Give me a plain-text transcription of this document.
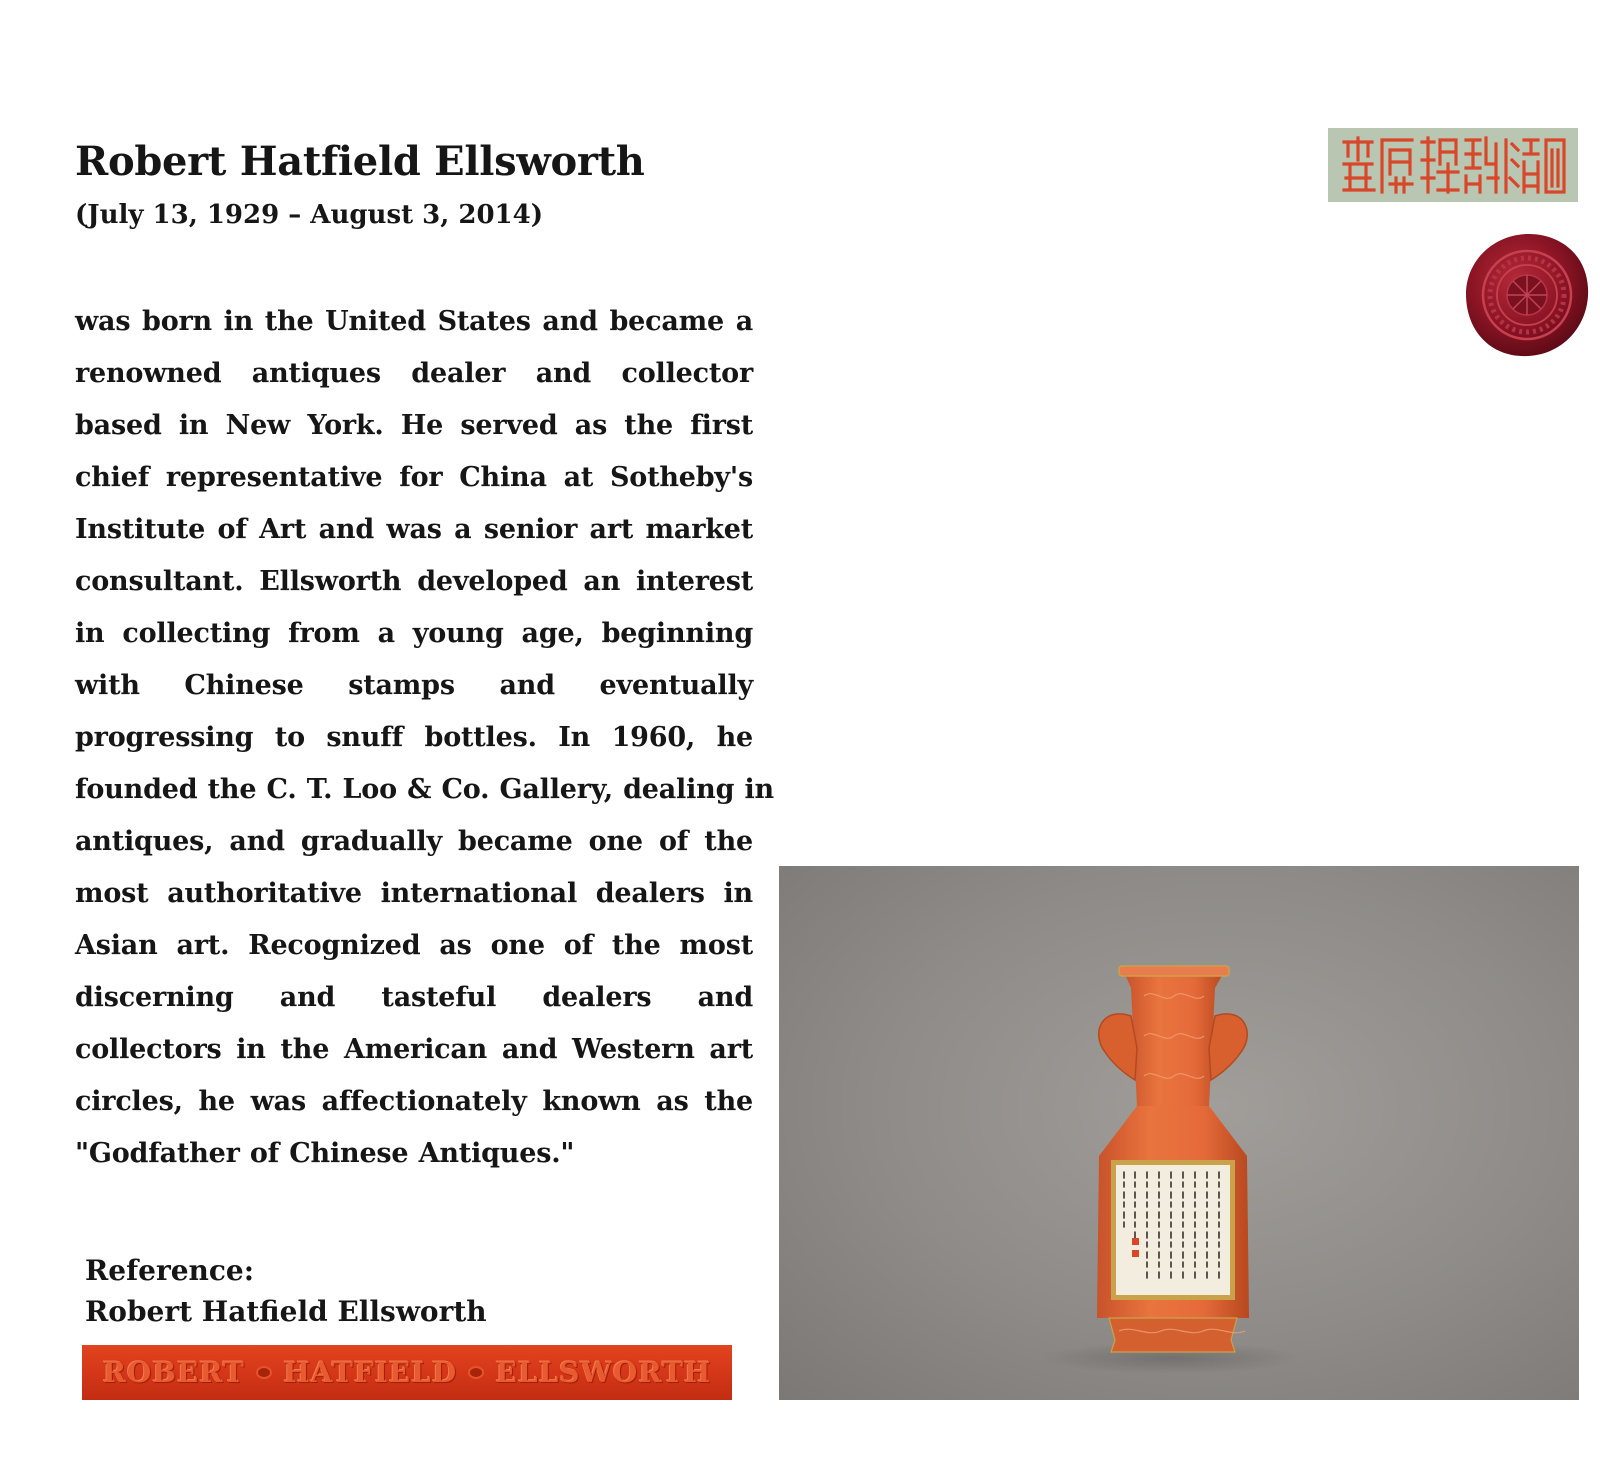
Robert Hatfield Ellsworth
(July 13, 1929 – August 3, 2014)
was born in the United States and became a
renowned antiques dealer and collector
based in New York. He served as the first
chief representative for China at Sotheby's
Institute of Art and was a senior art market
consultant. Ellsworth developed an interest
in collecting from a young age, beginning
with Chinese stamps and eventually
progressing to snuff bottles. In 1960, he
founded the C. T. Loo & Co. Gallery, dealing in
antiques, and gradually became one of the
most authoritative international dealers in
Asian art. Recognized as one of the most
discerning and tasteful dealers and
collectors in the American and Western art
circles, he was affectionately known as the
"Godfather of Chinese Antiques."
Reference:
Robert Hatfield Ellsworth
ROBERT HATFIELD ELLSWORTH
